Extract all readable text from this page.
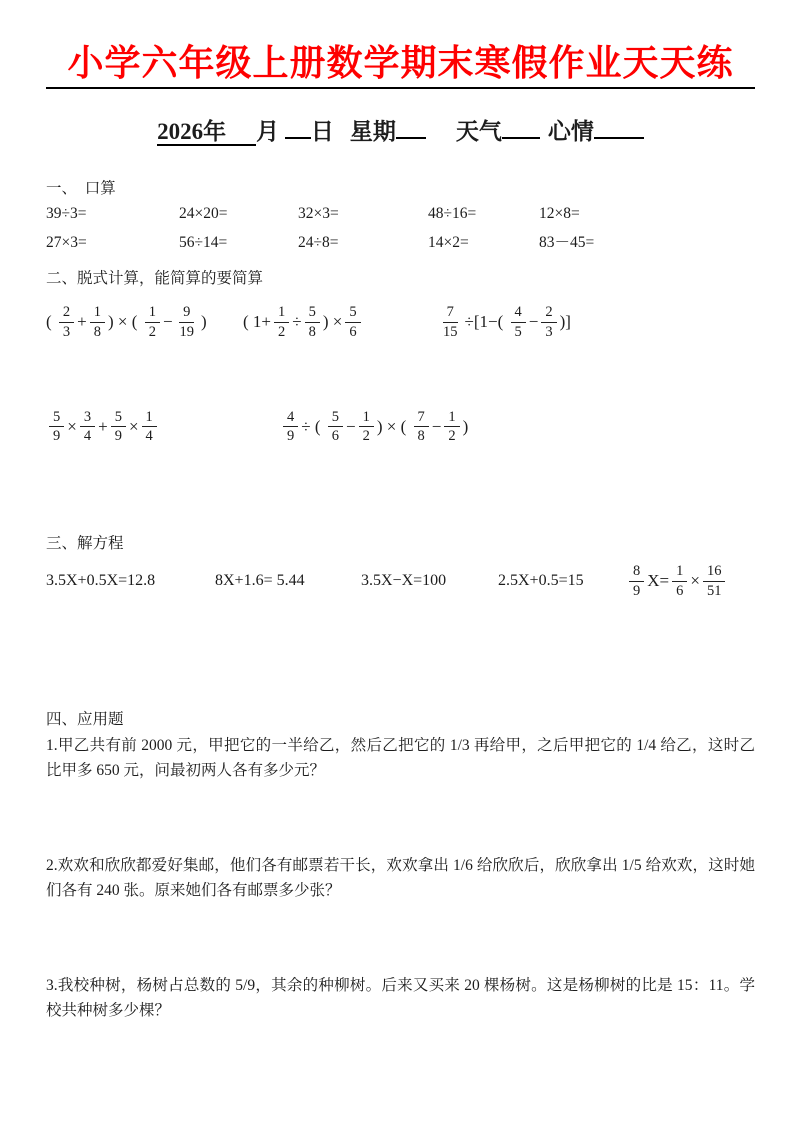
小学六年级上册数学期末寒假作业天天练
2026年 月 日 星期	天气 心情
一、  口算
39÷3=	24×20=	32×3=	48÷16=	12×8=
27×3=	56÷14=	24÷8=	14×2=	83－45=
二、脱式计算，能简算的要简算
( $\frac{2}{3} + \frac{1}{8}$ ) × ( $\frac{1}{2} - \frac{9}{19}$ )	( $1+ \frac{1}{2} \div \frac{5}{8}$ ) × $\frac{5}{6}$	$\frac{7}{15} \div[1-( \frac{4}{5} - \frac{2}{3}$ )]
$\frac{5}{9} \times \frac{3}{4} + \frac{5}{9} \times \frac{1}{4}$	$\frac{4}{9}$ ÷ ( $\frac{5}{6} - \frac{1}{2}$ ) × ( $\frac{7}{8} - \frac{1}{2}$ )
三、解方程
3.5X+0.5X=12.8	8X+1.6= 5.44	3.5X−X=100	2.5X+0.5=15	$\frac{8}{9} X= \frac{1}{6} \times \frac{16}{51}$
四、应用题
1.甲乙共有前 2000 元，甲把它的一半给乙，然后乙把它的 1/3 再给甲，之后甲把它的 1/4 给乙，这时乙比甲多 650 元，问最初两人各有多少元？
2.欢欢和欣欣都爱好集邮，他们各有邮票若干长，欢欢拿出 1/6 给欣欣后，欣欣拿出 1/5 给欢欢，这时她们各有 240 张。原来她们各有邮票多少张？
3.我校种树，杨树占总数的 5/9，其余的种柳树。后来又买来 20 棵杨树。这是杨柳树的比是 15：11。学校共种树多少棵？
